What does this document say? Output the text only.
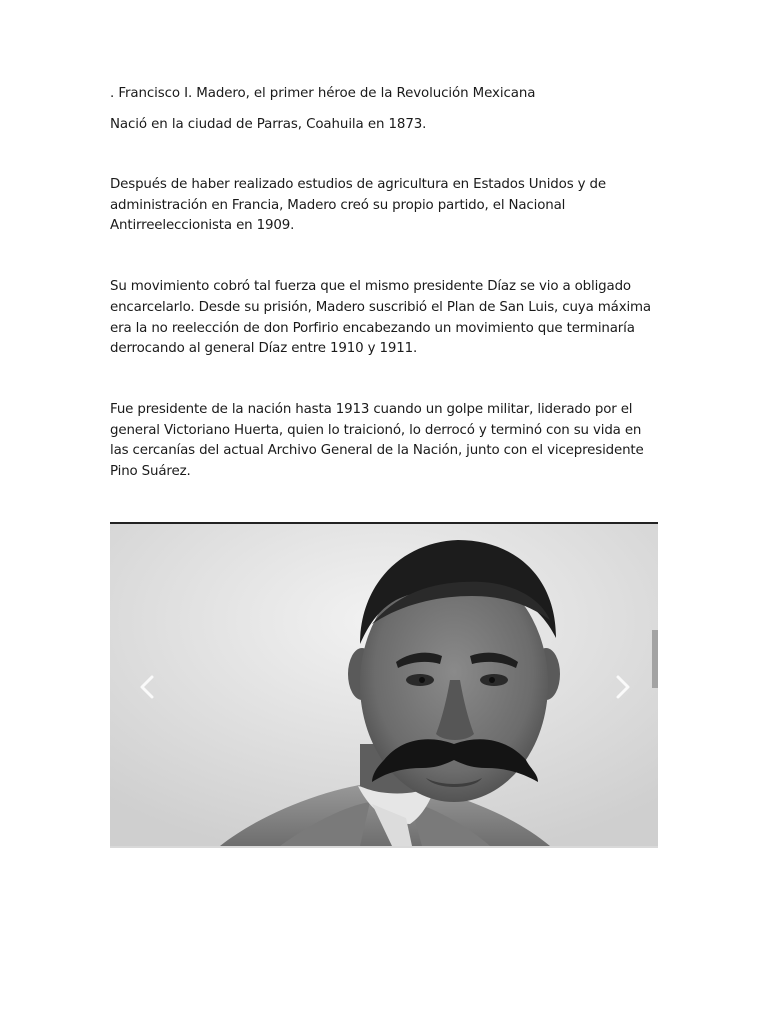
. Francisco I. Madero, el primer héroe de la Revolución Mexicana

Nació en la ciudad de Parras, Coahuila en 1873.

Después de haber realizado estudios de agricultura en Estados Unidos y de administración en Francia, Madero creó su propio partido, el Nacional Antirreeleccionista en 1909.

Su movimiento cobró tal fuerza que el mismo presidente Díaz se vio a obligado encarcelarlo. Desde su prisión, Madero suscribió el Plan de San Luis, cuya máxima era la no reelección de don Porfirio encabezando un movimiento que terminaría derrocando al general Díaz entre 1910 y 1911.

Fue presidente de la nación hasta 1913 cuando un golpe militar, liderado por el general Victoriano Huerta, quien lo traicionó, lo derrocó y terminó con su vida en las cercanías del actual Archivo General de la Nación, junto con el vicepresidente Pino Suárez.
